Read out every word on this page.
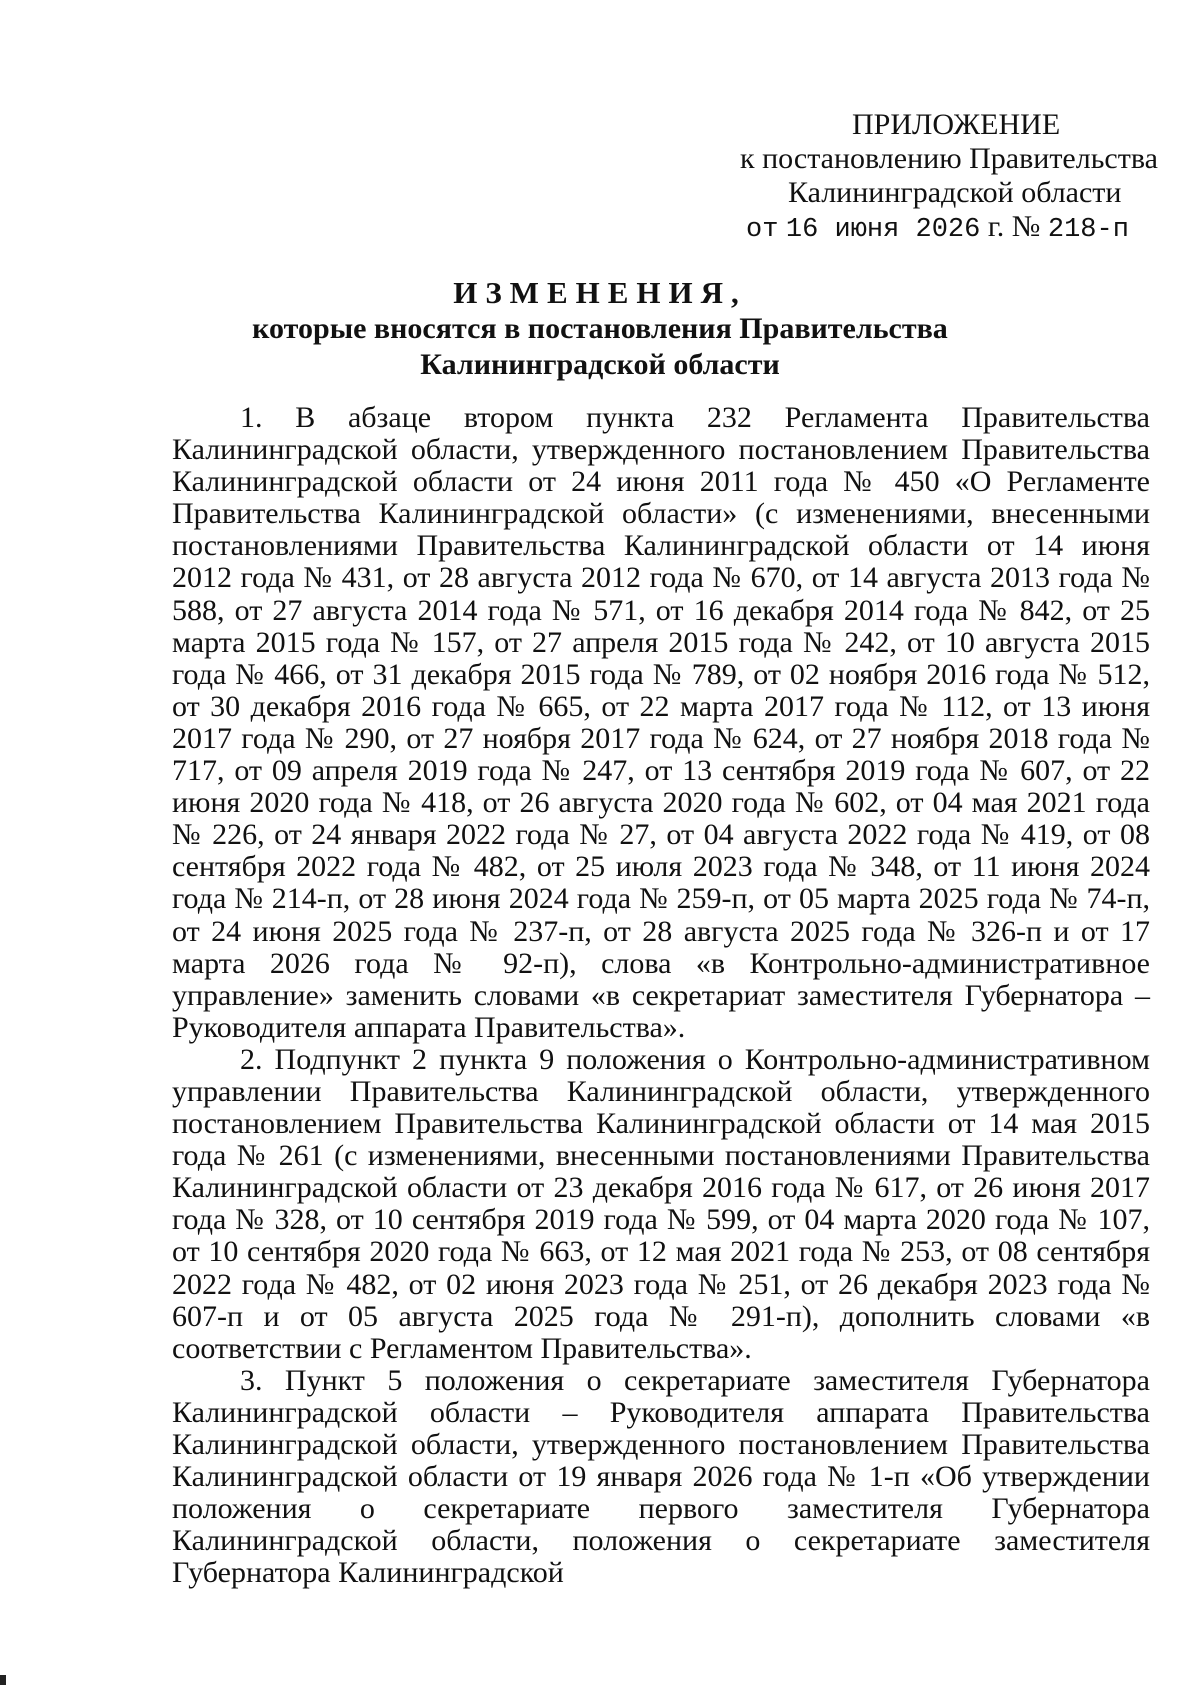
ПРИЛОЖЕНИЕ
к постановлению Правительства
Калининградской области
от 16 июня 2026 г. № 218-п
ИЗМЕНЕНИЯ,
которые вносятся в постановления Правительства
Калининградской области

1. В абзаце втором пункта 232 Регламента Правительства Калининградской области, утвержденного постановлением Правительства Калининградской области от 24 июня 2011 года № 450 «О Регламенте Правительства Калининградской области» (с изменениями, внесенными постановлениями Правительства Калининградской области от 14 июня 2012 года № 431, от 28 августа 2012 года № 670, от 14 августа 2013 года № 588, от 27 августа 2014 года № 571, от 16 декабря 2014 года № 842, от 25 марта 2015 года № 157, от 27 апреля 2015 года № 242, от 10 августа 2015 года № 466, от 31 декабря 2015 года № 789, от 02 ноября 2016 года № 512, от 30 декабря 2016 года № 665, от 22 марта 2017 года № 112, от 13 июня 2017 года № 290, от 27 ноября 2017 года № 624, от 27 ноября 2018 года № 717, от 09 апреля 2019 года № 247, от 13 сентября 2019 года № 607, от 22 июня 2020 года № 418, от 26 августа 2020 года № 602, от 04 мая 2021 года № 226, от 24 января 2022 года № 27, от 04 августа 2022 года № 419, от 08 сентября 2022 года № 482, от 25 июля 2023 года № 348, от 11 июня 2024 года № 214-п, от 28 июня 2024 года № 259-п, от 05 марта 2025 года № 74-п, от 24 июня 2025 года № 237-п, от 28 августа 2025 года № 326-п и от 17 марта 2026 года № 92-п), слова «в Контрольно-административное управление» заменить словами «в секретариат заместителя Губернатора – Руководителя аппарата Правительства».

2. Подпункт 2 пункта 9 положения о Контрольно-административном управлении Правительства Калининградской области, утвержденного постановлением Правительства Калининградской области от 14 мая 2015 года № 261 (с изменениями, внесенными постановлениями Правительства Калининградской области от 23 декабря 2016 года № 617, от 26 июня 2017 года № 328, от 10 сентября 2019 года № 599, от 04 марта 2020 года № 107, от 10 сентября 2020 года № 663, от 12 мая 2021 года № 253, от 08 сентября 2022 года № 482, от 02 июня 2023 года № 251, от 26 декабря 2023 года № 607-п и от 05 августа 2025 года № 291-п), дополнить словами «в соответствии с Регламентом Правительства».

3. Пункт 5 положения о секретариате заместителя Губернатора Калининградской области – Руководителя аппарата Правительства Калининградской области, утвержденного постановлением Правительства Калининградской области от 19 января 2026 года № 1-п «Об утверждении положения о секретариате первого заместителя Губернатора Калининградской области, положения о секретариате заместителя Губернатора Калининградской
